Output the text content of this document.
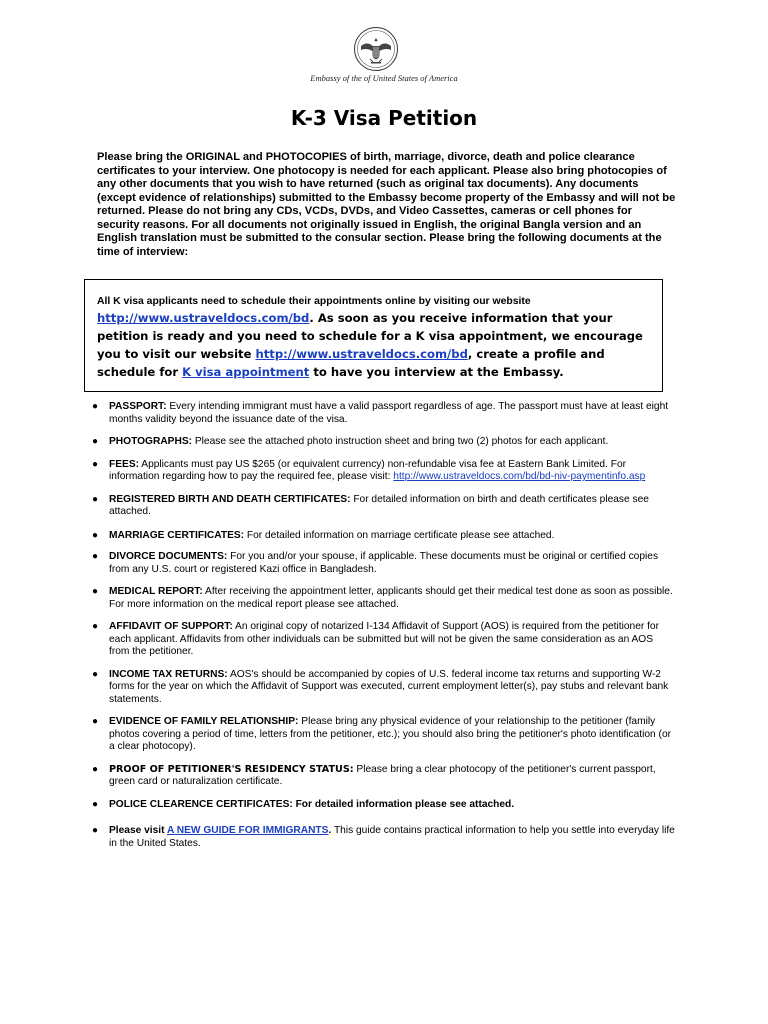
Embassy of the of United States of America
K-3 Visa Petition

Please bring the ORIGINAL and PHOTOCOPIES of birth, marriage, divorce, death and police clearance certificates to your interview. One photocopy is needed for each applicant. Please also bring photocopies of any other documents that you wish to have returned (such as original tax documents). Any documents (except evidence of relationships) submitted to the Embassy become property of the Embassy and will not be returned. Please do not bring any CDs, VCDs, DVDs, and Video Cassettes, cameras or cell phones for security reasons. For all documents not originally issued in English, the original Bangla version and an English translation must be submitted to the consular section. Please bring the following documents at the time of interview:

All K visa applicants need to schedule their appointments online by visiting our website
http://www.ustraveldocs.com/bd. As soon as you receive information that your petition is ready and you need to schedule for a K visa appointment, we encourage you to visit our website http://www.ustraveldocs.com/bd, create a profile and schedule for K visa appointment to have you interview at the Embassy.
● PASSPORT: Every intending immigrant must have a valid passport regardless of age. The passport must have at least eight months validity beyond the issuance date of the visa.
● PHOTOGRAPHS: Please see the attached photo instruction sheet and bring two (2) photos for each applicant.
● FEES: Applicants must pay US $265 (or equivalent currency) non-refundable visa fee at Eastern Bank Limited. For information regarding how to pay the required fee, please visit: http://www.ustraveldocs.com/bd/bd-niv-paymentinfo.asp
● REGISTERED BIRTH AND DEATH CERTIFICATES: For detailed information on birth and death certificates please see attached.
● MARRIAGE CERTIFICATES: For detailed information on marriage certificate please see attached.
● DIVORCE DOCUMENTS: For you and/or your spouse, if applicable. These documents must be original or certified copies from any U.S. court or registered Kazi office in Bangladesh.
● MEDICAL REPORT: After receiving the appointment letter, applicants should get their medical test done as soon as possible. For more information on the medical report please see attached.
● AFFIDAVIT OF SUPPORT: An original copy of notarized I-134 Affidavit of Support (AOS) is required from the petitioner for each applicant. Affidavits from other individuals can be submitted but will not be given the same consideration as an AOS from the petitioner.
● INCOME TAX RETURNS: AOS's should be accompanied by copies of U.S. federal income tax returns and supporting W-2 forms for the year on which the Affidavit of Support was executed, current employment letter(s), pay stubs and relevant bank statements.
● EVIDENCE OF FAMILY RELATIONSHIP: Please bring any physical evidence of your relationship to the petitioner (family photos covering a period of time, letters from the petitioner, etc.); you should also bring the petitioner's photo identification (or a clear photocopy).
● PROOF OF PETITIONER'S RESIDENCY STATUS: Please bring a clear photocopy of the petitioner's current passport, green card or naturalization certificate.
● POLICE CLEARENCE CERTIFICATES: For detailed information please see attached.
● Please visit A NEW GUIDE FOR IMMIGRANTS. This guide contains practical information to help you settle into everyday life in the United States.
